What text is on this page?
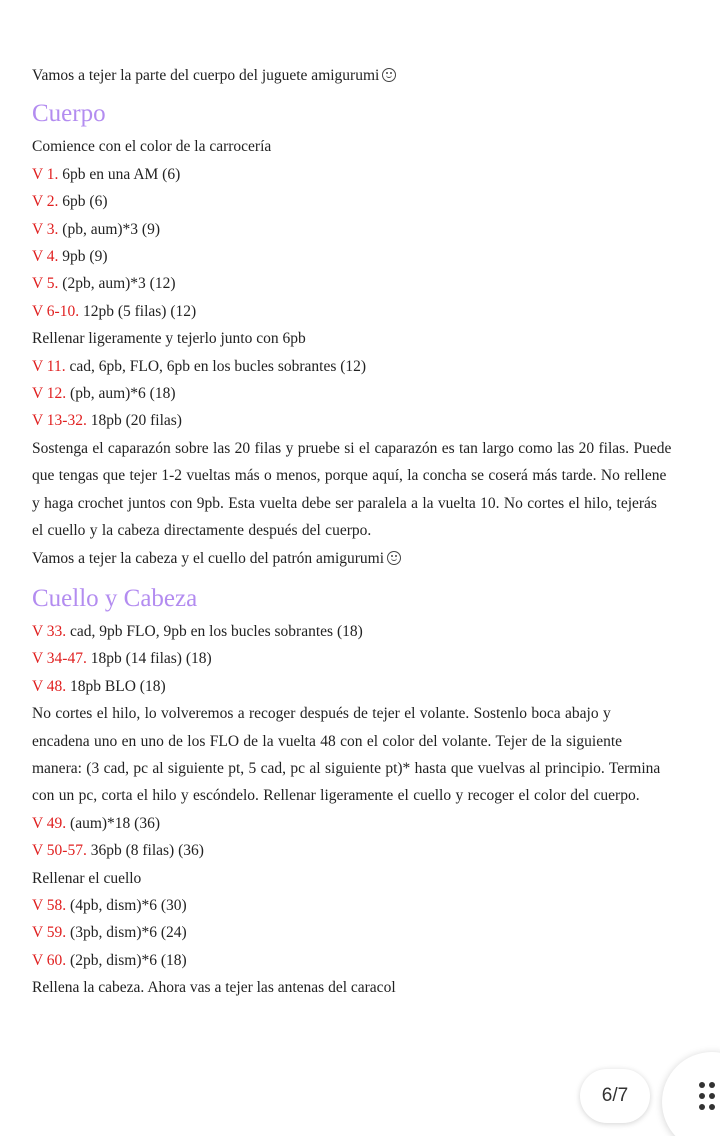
Vamos a tejer la parte del cuerpo del juguete amigurumi
Cuerpo
Comience con el color de la carrocería
V 1. 6pb en una AM (6)
V 2. 6pb (6)
V 3. (pb, aum)*3 (9)
V 4. 9pb (9)
V 5. (2pb, aum)*3 (12)
V 6-10. 12pb (5 filas) (12)
Rellenar ligeramente y tejerlo junto con 6pb
V 11. cad, 6pb, FLO, 6pb en los bucles sobrantes (12)
V 12. (pb, aum)*6 (18)
V 13-32. 18pb (20 filas)
Sostenga el caparazón sobre las 20 filas y pruebe si el caparazón es tan largo como las 20 filas. Puede que tengas que tejer 1-2 vueltas más o menos, porque aquí, la concha se coserá más tarde. No rellene y haga crochet juntos con 9pb. Esta vuelta debe ser paralela a la vuelta 10. No cortes el hilo, tejerás el cuello y la cabeza directamente después del cuerpo.
Vamos a tejer la cabeza y el cuello del patrón amigurumi
Cuello y Cabeza
V 33. cad, 9pb FLO, 9pb en los bucles sobrantes (18)
V 34-47. 18pb (14 filas) (18)
V 48. 18pb BLO (18)
No cortes el hilo, lo volveremos a recoger después de tejer el volante. Sostenlo boca abajo y encadena uno en uno de los FLO de la vuelta 48 con el color del volante. Tejer de la siguiente manera: (3 cad, pc al siguiente pt, 5 cad, pc al siguiente pt)* hasta que vuelvas al principio. Termina con un pc, corta el hilo y escóndelo. Rellenar ligeramente el cuello y recoger el color del cuerpo.
V 49. (aum)*18 (36)
V 50-57. 36pb (8 filas) (36)
Rellenar el cuello
V 58. (4pb, dism)*6 (30)
V 59. (3pb, dism)*6 (24)
V 60. (2pb, dism)*6 (18)
Rellena la cabeza. Ahora vas a tejer las antenas del caracol
6/7
